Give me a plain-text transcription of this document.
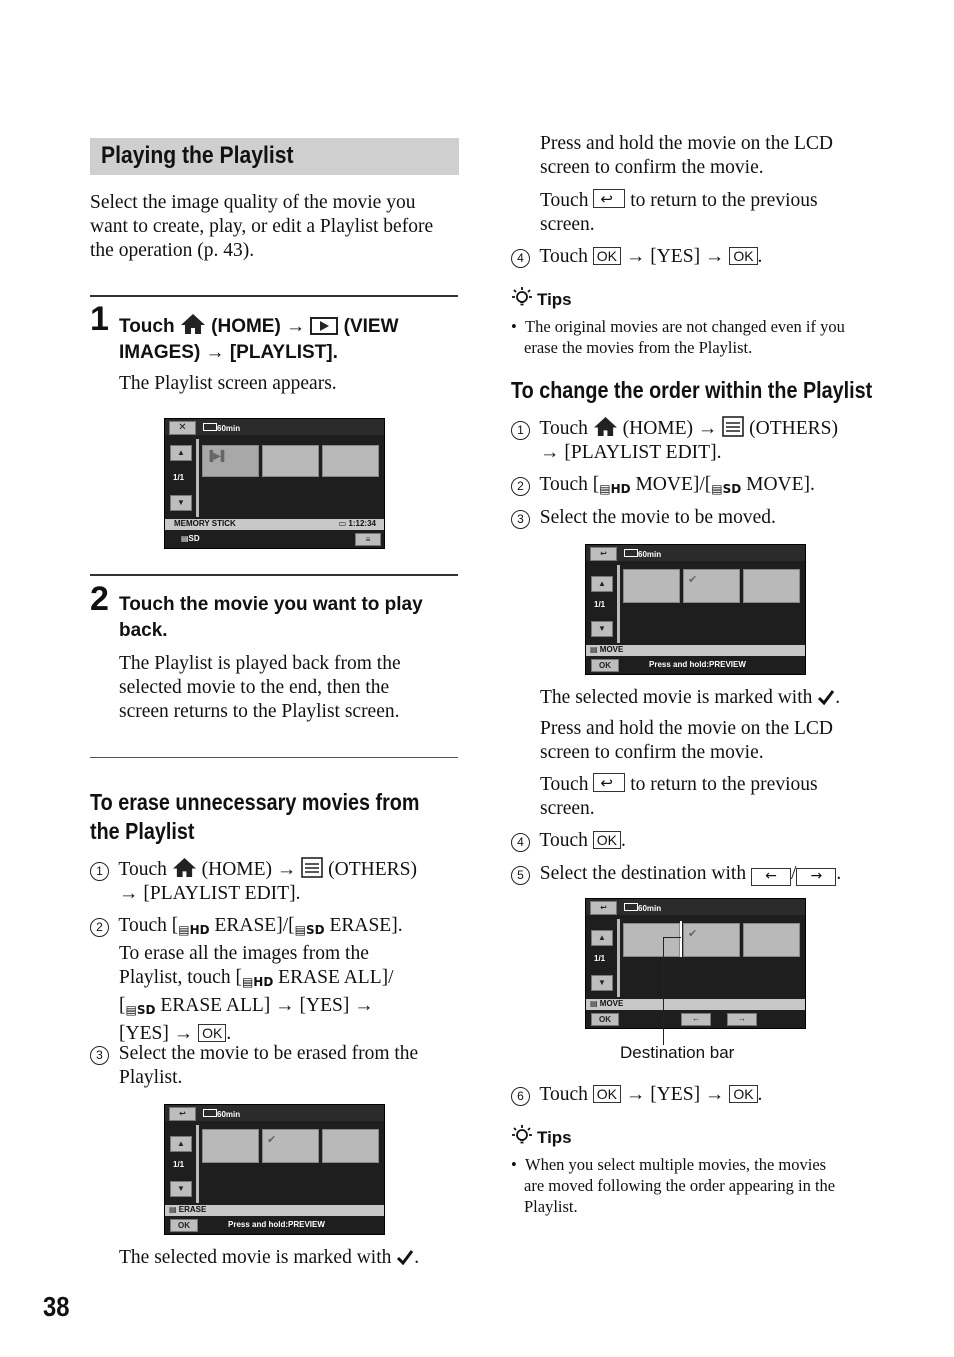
Playing the Playlist
Select the image quality of the movie you
want to create, play, or edit a Playlist before
the operation (p. 43).
1 Touch (HOME) →  (VIEW
IMAGES) → [PLAYLIST].
The Playlist screen appears.
✕	60min
▲
1/1
▼
▐▶▌
MEMORY STICK	▭ 1:12:34
▤SD	≡
2 Touch the movie you want to play
back.
The Playlist is played back from the
selected movie to the end, then the
screen returns to the Playlist screen.
To erase unnecessary movies from
the Playlist
1 Touch (HOME) → (OTHERS)
→ [PLAYLIST EDIT].
2 Touch [▤HD ERASE]/[▤SD ERASE].
To erase all the images from the
Playlist, touch [▤HD ERASE ALL]/
[▤SD ERASE ALL] → [YES] →
[YES] → OK .
3 Select the movie to be erased from the
Playlist.
↩	60min
▲
1/1
▼
✔
▤ ERASE
OK	Press and hold:PREVIEW
The selected movie is marked with .
38
Press and hold the movie on the LCD
screen to confirm the movie.
Touch ↩ to return to the previous
screen.
4 Touch OK → [YES] → OK .
Tips
•  The original movies are not changed even if you
erase the movies from the Playlist.
To change the order within the Playlist
1 Touch (HOME) → (OTHERS)
→ [PLAYLIST EDIT].
2 Touch [▤HD MOVE]/[▤SD MOVE].
3 Select the movie to be moved.
↩	60min
▲
1/1
▼
✔
▤ MOVE
OK	Press and hold:PREVIEW
The selected movie is marked with .
Press and hold the movie on the LCD
screen to confirm the movie.
Touch ↩ to return to the previous
screen.
4 Touch OK .
5 Select the destination with ← / → .
↩	60min
▲
1/1
▼
✔
▤ MOVE
OK	←	→
Destination bar
6 Touch OK → [YES] → OK .
Tips
•  When you select multiple movies, the movies
are moved following the order appearing in the
Playlist.
